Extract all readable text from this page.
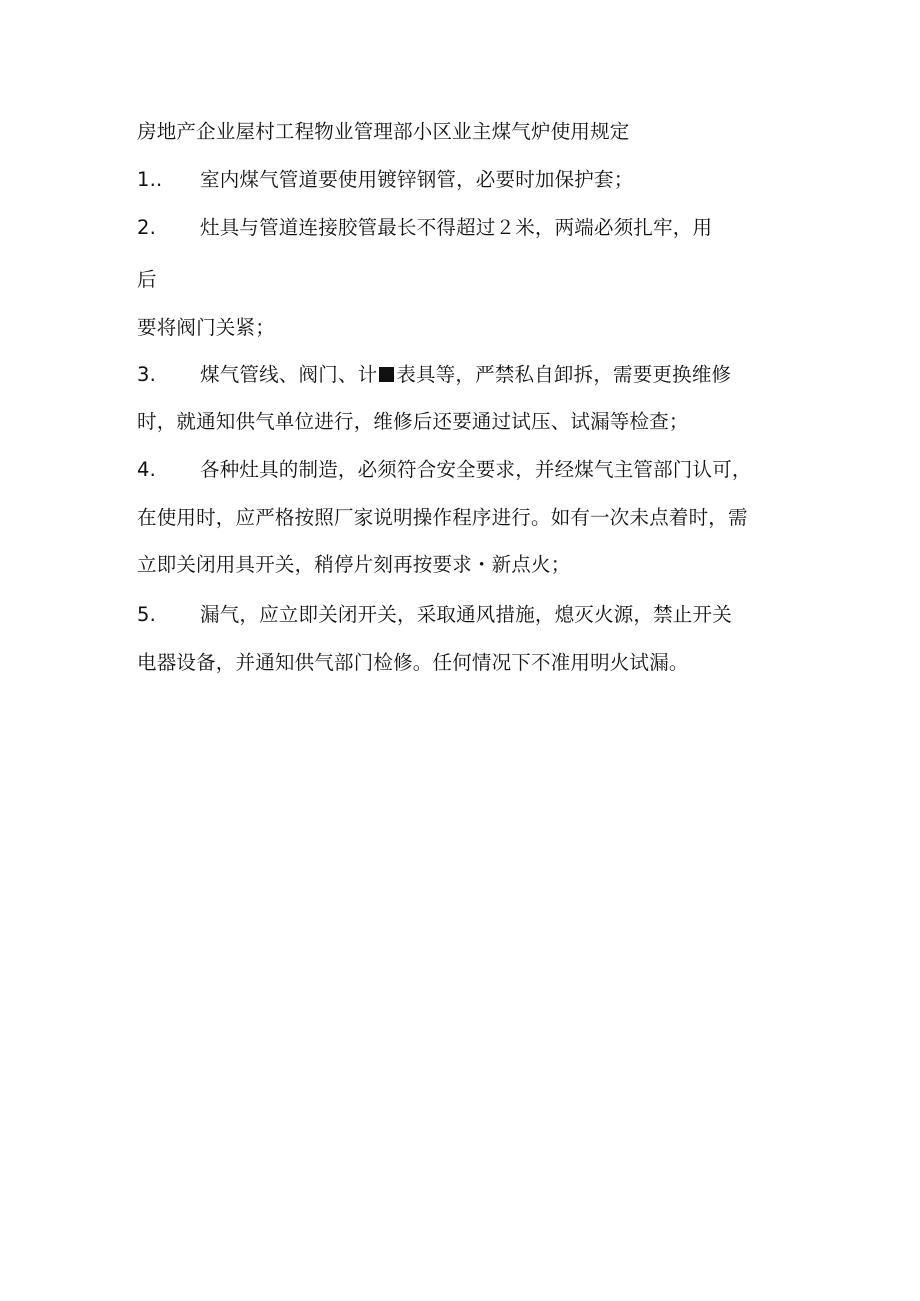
房地产企业屋村工程物业管理部小区业主煤气炉使用规定
1.. 室内煤气管道要使用镀锌钢管，必要时加保护套；
2. 灶具与管道连接胶管最长不得超过２米，两端必须扎牢，用
后
要将阀门关紧；
3. 煤气管线、阀门、计 表具等，严禁私自卸拆，需要更换维修
时，就通知供气单位进行，维修后还要通过试压、试漏等检查；
4. 各种灶具的制造，必须符合安全要求，并经煤气主管部门认可，
在使用时，应严格按照厂家说明操作程序进行。如有一次未点着时，需
立即关闭用具开关，稍停片刻再按要求・新点火；
5. 漏气，应立即关闭开关，采取通风措施，熄灭火源，禁止开关
电器设备，并通知供气部门检修。任何情况下不准用明火试漏。
